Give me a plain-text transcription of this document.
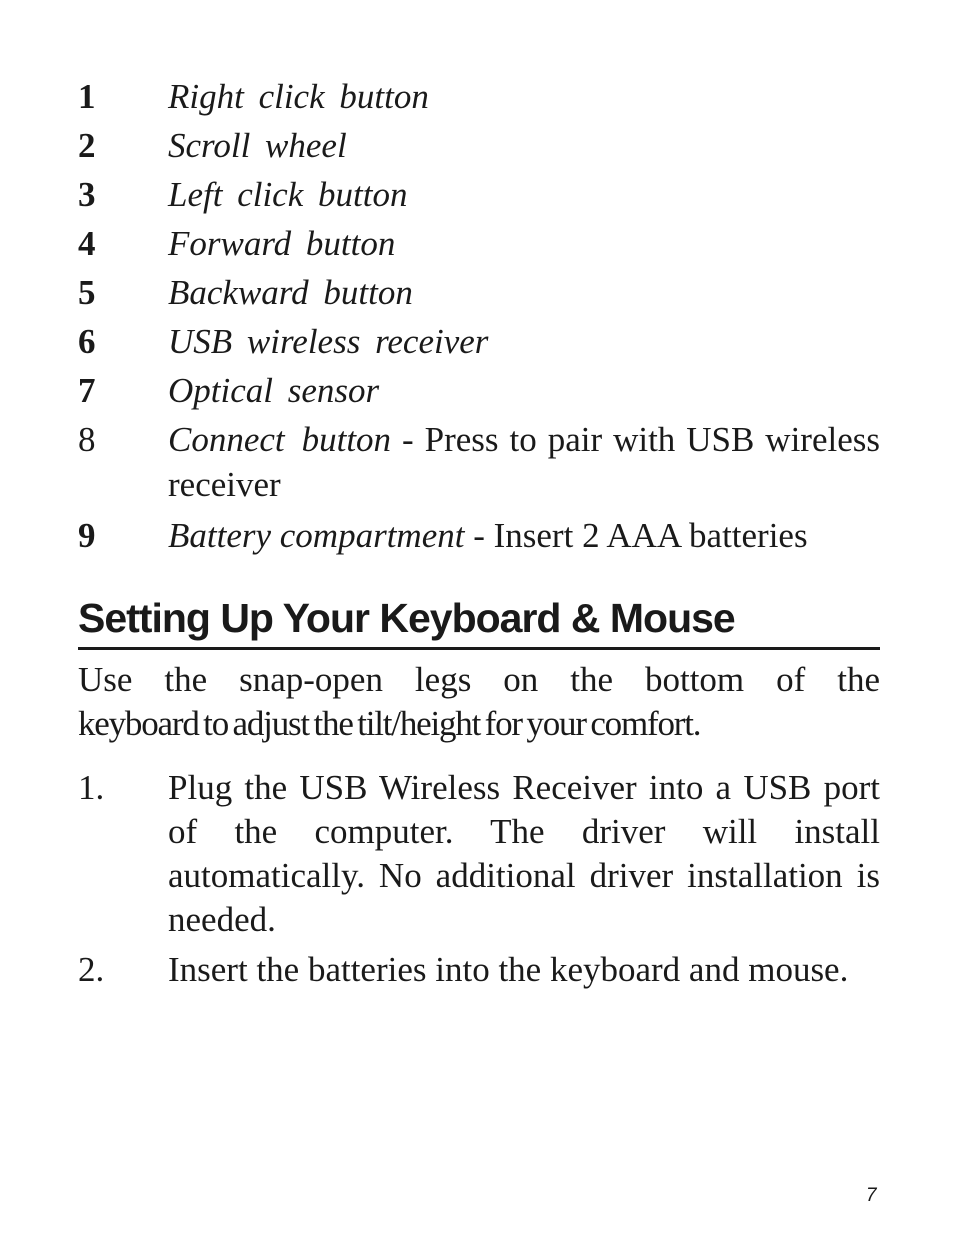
1	Right click button
2	Scroll wheel
3	Left click button
4	Forward button
5	Backward button
6	USB wireless receiver
7	Optical sensor
8	Connect button - Press to pair with USB wireless receiver
9	Battery compartment - Insert 2 AAA batteries
Setting Up Your Keyboard & Mouse

Use the snap-open legs on the bottom of the

keyboard to adjust the tilt/height for your comfort.

1.	Plug the USB Wireless Receiver into a USB port of the computer. The driver will install automatically. No additional driver installation is needed.
2.	Insert the batteries into the keyboard and mouse.
7
